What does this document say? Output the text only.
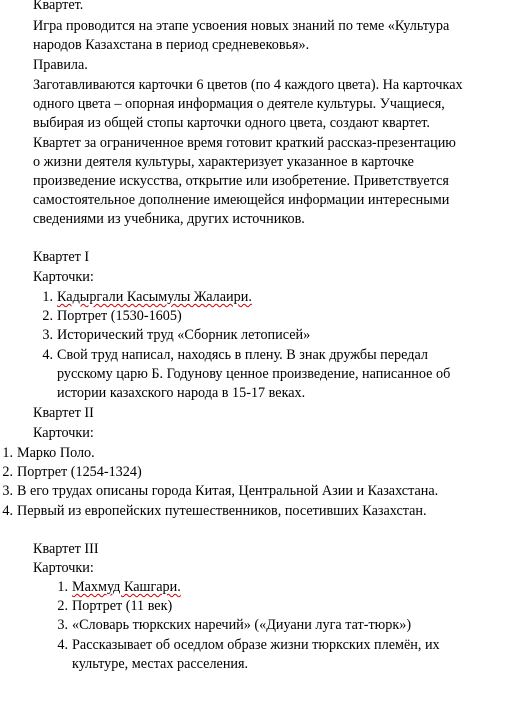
Квартет.

Игра проводится на этапе усвоения новых знаний по теме «Культура народов Казахстана в период средневековья».

Правила.

Заготавливаются карточки 6 цветов (по 4 каждого цвета). На карточках одного цвета – опорная информация о деятеле культуры. Учащиеся, выбирая из общей стопы карточки одного цвета, создают квартет. Квартет за ограниченное время готовит краткий рассказ-презентацию о жизни деятеля культуры, характеризует указанное в карточке произведение искусства, открытие или изобретение. Приветствуется самостоятельное дополнение имеющейся информации интересными сведениями из учебника, других источников.

Квартет I

Карточки:

1. Кадыргали Касымулы Жалаири.
2. Портрет (1530-1605)
3. Исторический труд «Сборник летописей»
4. Свой труд написал, находясь в плену. В знак дружбы передал русскому царю Б. Годунову ценное произведение, написанное об истории казахского народа в 15-17 веках.

Квартет II

Карточки:

1. Марко Поло.
2. Портрет (1254-1324)
3. В его трудах описаны города Китая, Центральной Азии и Казахстана.
4. Первый из европейских путешественников, посетивших Казахстан.

Квартет III

Карточки:

1. Махмуд Кашгари.
2. Портрет (11 век)
3. «Словарь тюркских наречий» («Диуани луга тат-тюрк»)
4. Рассказывает об оседлом образе жизни тюркских племён, их культуре, местах расселения.
